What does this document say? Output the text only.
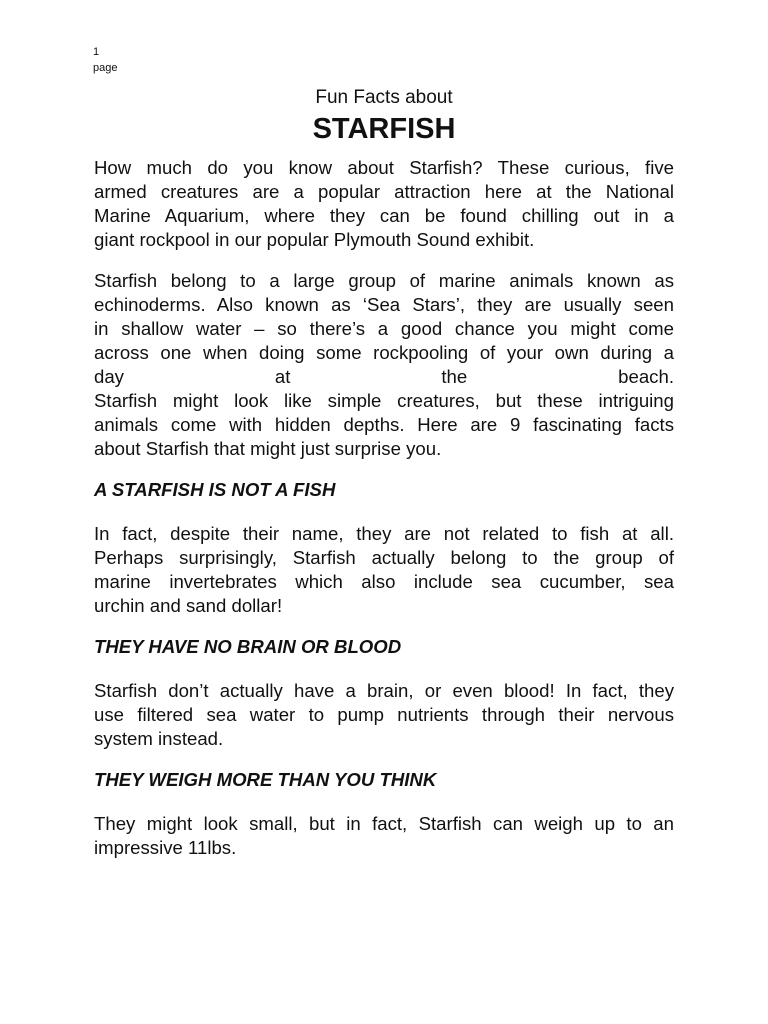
1
page
Fun Facts about
STARFISH
How much do you know about Starfish? These curious, five
armed creatures are a popular attraction here at the National
Marine Aquarium, where they can be found chilling out in a
giant rockpool in our popular Plymouth Sound exhibit.
Starfish belong to a large group of marine animals known as
echinoderms. Also known as ‘Sea Stars’, they are usually seen
in shallow water – so there’s a good chance you might come
across one when doing some rockpooling of your own during a
day at the beach.
Starfish might look like simple creatures, but these intriguing
animals come with hidden depths. Here are 9 fascinating facts
about Starfish that might just surprise you.
A STARFISH IS NOT A FISH
In fact, despite their name, they are not related to fish at all.
Perhaps surprisingly, Starfish actually belong to the group of
marine invertebrates which also include sea cucumber, sea
urchin and sand dollar!
THEY HAVE NO BRAIN OR BLOOD
Starfish don’t actually have a brain, or even blood! In fact, they
use filtered sea water to pump nutrients through their nervous
system instead.
THEY WEIGH MORE THAN YOU THINK
They might look small, but in fact, Starfish can weigh up to an
impressive 11lbs.
